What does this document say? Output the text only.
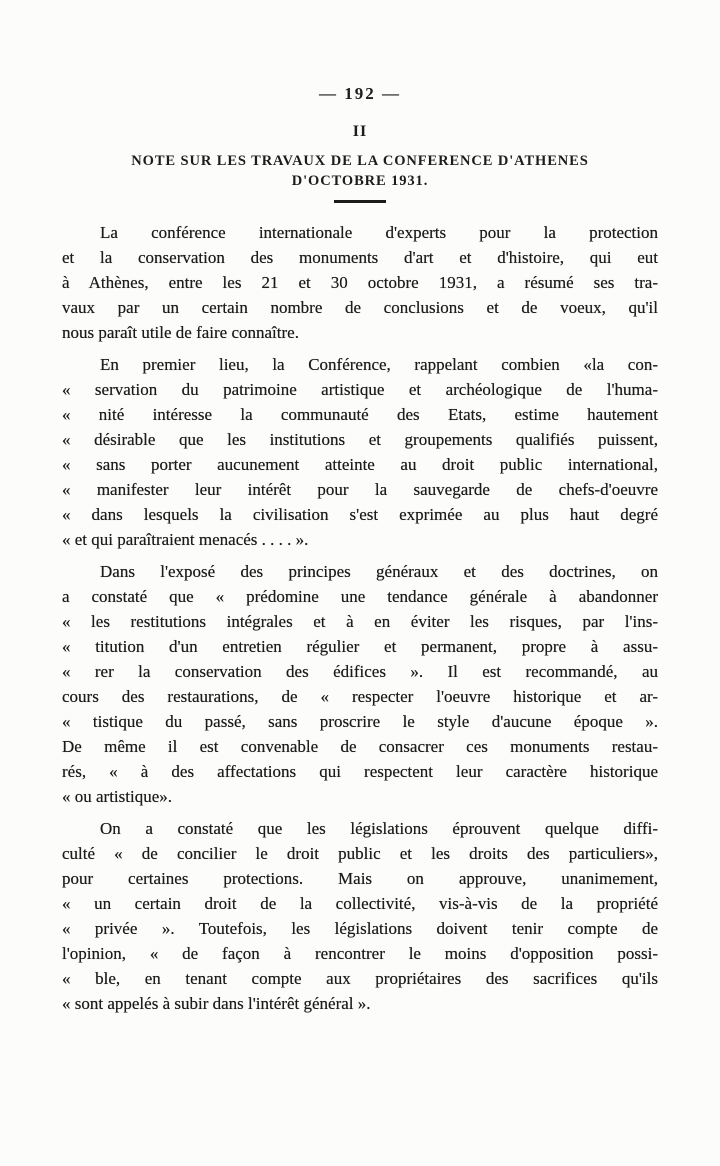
— 192 —
II
NOTE SUR LES TRAVAUX DE LA CONFERENCE D'ATHENES
D'OCTOBRE 1931.
La conférence internationale d'experts pour la protection
et la conservation des monuments d'art et d'histoire, qui eut
à Athènes, entre les 21 et 30 octobre 1931, a résumé ses tra-
vaux par un certain nombre de conclusions et de voeux, qu'il
nous paraît utile de faire connaître.
En premier lieu, la Conférence, rappelant combien «la con-
« servation du patrimoine artistique et archéologique de l'huma-
« nité intéresse la communauté des Etats, estime hautement
« désirable que les institutions et groupements qualifiés puissent,
« sans porter aucunement atteinte au droit public international,
« manifester leur intérêt pour la sauvegarde de chefs-d'oeuvre
« dans lesquels la civilisation s'est exprimée au plus haut degré
« et qui paraîtraient menacés . . . . ».
Dans l'exposé des principes généraux et des doctrines, on
a constaté que « prédomine une tendance générale à abandonner
« les restitutions intégrales et à en éviter les risques, par l'ins-
« titution d'un entretien régulier et permanent, propre à assu-
« rer la conservation des édifices ». Il est recommandé, au
cours des restaurations, de « respecter l'oeuvre historique et ar-
« tistique du passé, sans proscrire le style d'aucune époque ».
De même il est convenable de consacrer ces monuments restau-
rés, « à des affectations qui respectent leur caractère historique
« ou artistique».
On a constaté que les législations éprouvent quelque diffi-
culté « de concilier le droit public et les droits des particuliers»,
pour certaines protections. Mais on approuve, unanimement,
« un certain droit de la collectivité, vis-à-vis de la propriété
« privée ». Toutefois, les législations doivent tenir compte de
l'opinion, « de façon à rencontrer le moins d'opposition possi-
« ble, en tenant compte aux propriétaires des sacrifices qu'ils
« sont appelés à subir dans l'intérêt général ».
